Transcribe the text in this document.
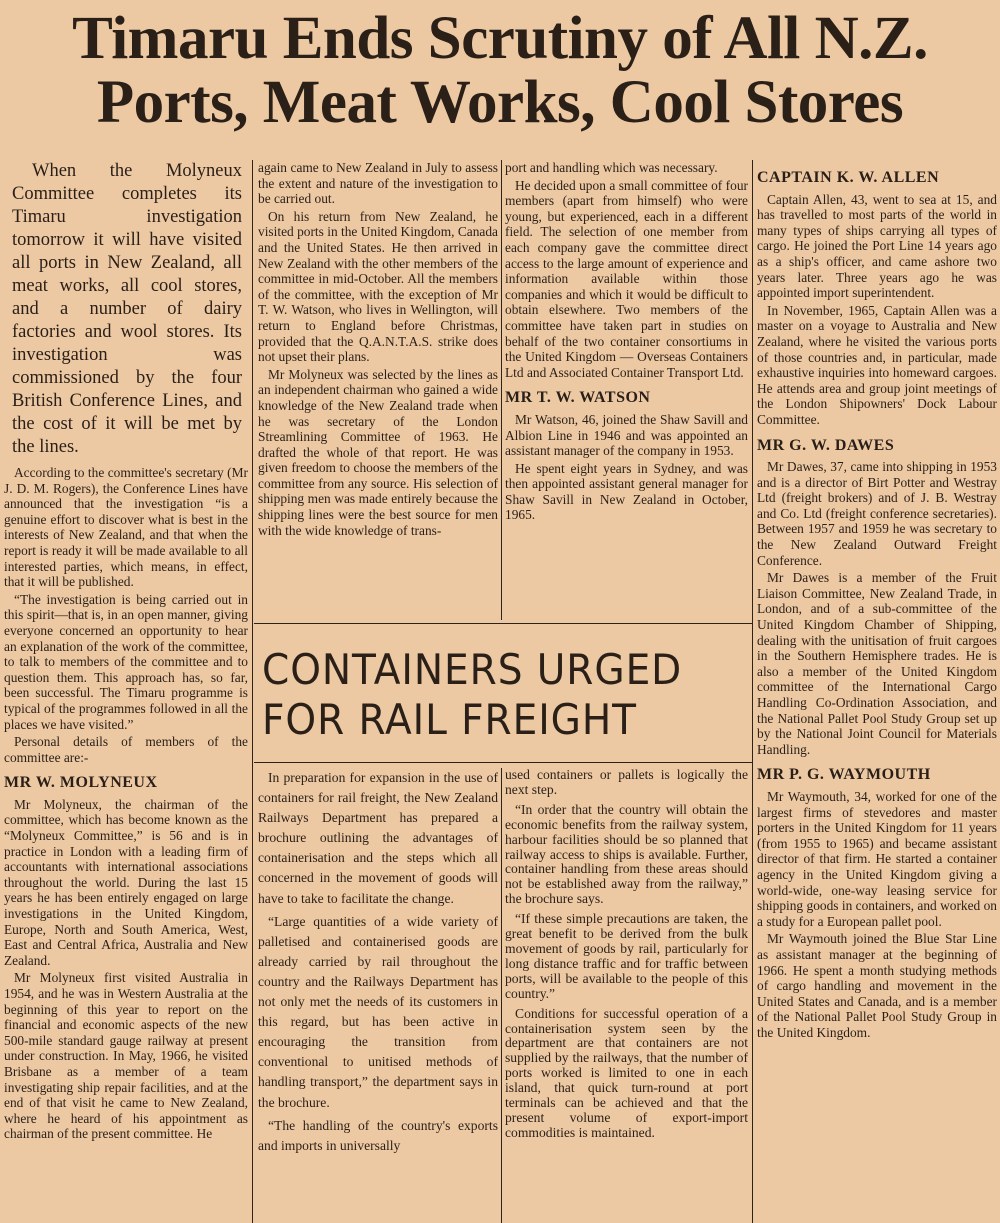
Timaru Ends Scrutiny of All N.Z.
Ports, Meat Works, Cool Stores

When the Molyneux Committee completes its Timaru investigation tomorrow it will have visited all ports in New Zealand, all meat works, all cool stores, and a number of dairy factories and wool stores. Its investigation was commissioned by the four British Conference Lines, and the cost of it will be met by the lines.

According to the committee's secretary (Mr J. D. M. Rogers), the Conference Lines have announced that the investigation “is a genuine effort to discover what is best in the interests of New Zealand, and that when the report is ready it will be made available to all interested parties, which means, in effect, that it will be published.

“The investigation is being carried out in this spirit—that is, in an open manner, giving everyone concerned an opportunity to hear an explanation of the work of the committee, to talk to members of the committee and to question them. This approach has, so far, been successful. The Timaru programme is typical of the programmes followed in all the places we have visited.”

Personal details of members of the committee are:-

MR W. MOLYNEUX

Mr Molyneux, the chairman of the committee, which has become known as the “Molyneux Committee,” is 56 and is in practice in London with a leading firm of accountants with international associations throughout the world. During the last 15 years he has been entirely engaged on large investigations in the United Kingdom, Europe, North and South America, West, East and Central Africa, Australia and New Zealand.

Mr Molyneux first visited Australia in 1954, and he was in Western Australia at the beginning of this year to report on the financial and economic aspects of the new 500-mile standard gauge railway at present under construction. In May, 1966, he visited Brisbane as a member of a team investigating ship repair facilities, and at the end of that visit he came to New Zealand, where he heard of his appointment as chairman of the present committee. He

again came to New Zealand in July to assess the extent and nature of the investigation to be carried out.

On his return from New Zealand, he visited ports in the United Kingdom, Canada and the United States. He then arrived in New Zealand with the other members of the committee in mid-October. All the members of the committee, with the exception of Mr T. W. Watson, who lives in Wellington, will return to England before Christmas, provided that the Q.A.N.T.A.S. strike does not upset their plans.

Mr Molyneux was selected by the lines as an independent chairman who gained a wide knowledge of the New Zealand trade when he was secretary of the London Streamlining Committee of 1963. He drafted the whole of that report. He was given freedom to choose the members of the committee from any source. His selection of shipping men was made entirely because the shipping lines were the best source for men with the wide knowledge of trans-

port and handling which was necessary.

He decided upon a small committee of four members (apart from himself) who were young, but experienced, each in a different field. The selection of one member from each company gave the committee direct access to the large amount of experience and information available within those companies and which it would be difficult to obtain elsewhere. Two members of the committee have taken part in studies on behalf of the two container consortiums in the United Kingdom — Overseas Containers Ltd and Associated Container Transport Ltd.

MR T. W. WATSON

Mr Watson, 46, joined the Shaw Savill and Albion Line in 1946 and was appointed an assistant manager of the company in 1953.

He spent eight years in Sydney, and was then appointed assistant general manager for Shaw Savill in New Zealand in October, 1965.

CAPTAIN K. W. ALLEN

Captain Allen, 43, went to sea at 15, and has travelled to most parts of the world in many types of ships carrying all types of cargo. He joined the Port Line 14 years ago as a ship's officer, and came ashore two years later. Three years ago he was appointed import superintendent.

In November, 1965, Captain Allen was a master on a voyage to Australia and New Zealand, where he visited the various ports of those countries and, in particular, made exhaustive inquiries into homeward cargoes. He attends area and group joint meetings of the London Shipowners' Dock Labour Committee.

MR G. W. DAWES

Mr Dawes, 37, came into shipping in 1953 and is a director of Birt Potter and Westray Ltd (freight brokers) and of J. B. Westray and Co. Ltd (freight conference secretaries). Between 1957 and 1959 he was secretary to the New Zealand Outward Freight Conference.

Mr Dawes is a member of the Fruit Liaison Committee, New Zealand Trade, in London, and of a sub-committee of the United Kingdom Chamber of Shipping, dealing with the unitisation of fruit cargoes in the Southern Hemisphere trades. He is also a member of the United Kingdom committee of the International Cargo Handling Co-Ordination Association, and the National Pallet Pool Study Group set up by the National Joint Council for Materials Handling.

MR P. G. WAYMOUTH

Mr Waymouth, 34, worked for one of the largest firms of stevedores and master porters in the United Kingdom for 11 years (from 1955 to 1965) and became assistant director of that firm. He started a container agency in the United Kingdom giving a world-wide, one-way leasing service for shipping goods in containers, and worked on a study for a European pallet pool.

Mr Waymouth joined the Blue Star Line as assistant manager at the beginning of 1966. He spent a month studying methods of cargo handling and movement in the United States and Canada, and is a member of the National Pallet Pool Study Group in the United Kingdom.

CONTAINERS URGED
FOR RAIL FREIGHT

In preparation for expansion in the use of containers for rail freight, the New Zealand Railways Department has prepared a brochure outlining the advantages of containerisation and the steps which all concerned in the movement of goods will have to take to facilitate the change.

“Large quantities of a wide variety of palletised and containerised goods are already carried by rail throughout the country and the Railways Department has not only met the needs of its customers in this regard, but has been active in encouraging the transition from conventional to unitised methods of handling transport,” the department says in the brochure.

“The handling of the country's exports and imports in universally

used containers or pallets is logically the next step.

“In order that the country will obtain the economic benefits from the railway system, harbour facilities should be so planned that railway access to ships is available. Further, container handling from these areas should not be established away from the railway,” the brochure says.

“If these simple precautions are taken, the great benefit to be derived from the bulk movement of goods by rail, particularly for long distance traffic and for traffic between ports, will be available to the people of this country.”

Conditions for successful operation of a containerisation system seen by the department are that containers are not supplied by the railways, that the number of ports worked is limited to one in each island, that quick turn-round at port terminals can be achieved and that the present volume of export-import commodities is maintained.
